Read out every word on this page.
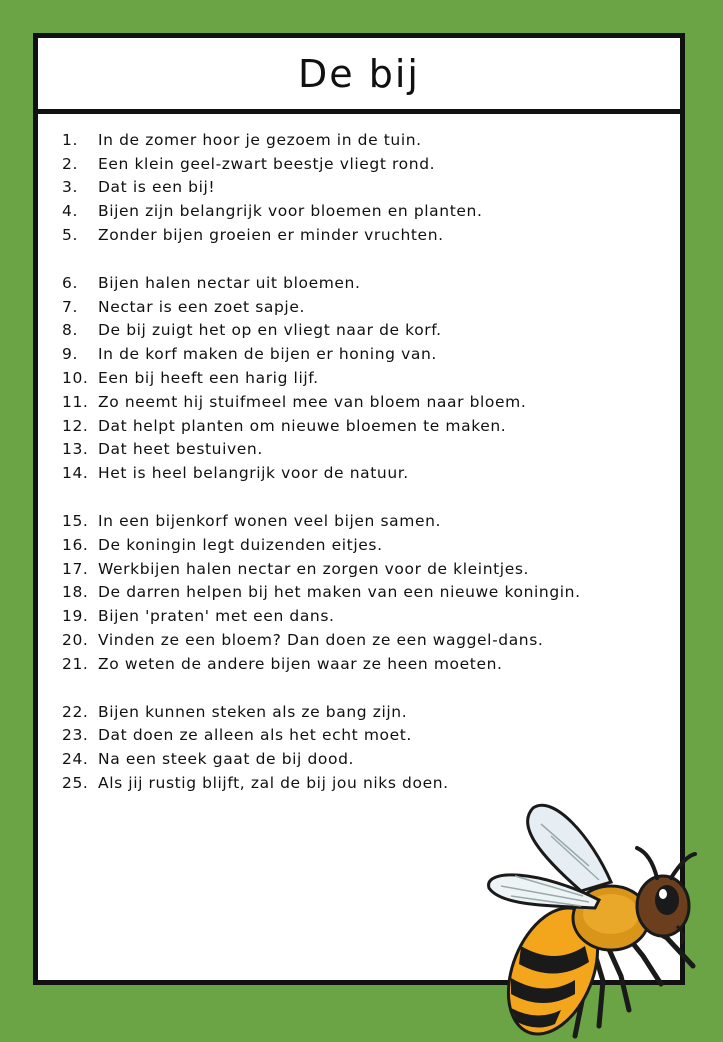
De bij
1.	In de zomer hoor je gezoem in de tuin.
2.	Een klein geel-zwart beestje vliegt rond.
3.	Dat is een bij!
4.	Bijen zijn belangrijk voor bloemen en planten.
5.	Zonder bijen groeien er minder vruchten.
6.	Bijen halen nectar uit bloemen.
7.	Nectar is een zoet sapje.
8.	De bij zuigt het op en vliegt naar de korf.
9.	In de korf maken de bijen er honing van.
10. Een bij heeft een harig lijf.
11. Zo neemt hij stuifmeel mee van bloem naar bloem.
12. Dat helpt planten om nieuwe bloemen te maken.
13. Dat heet bestuiven.
14. Het is heel belangrijk voor de natuur.
15. In een bijenkorf wonen veel bijen samen.
16. De koningin legt duizenden eitjes.
17. Werkbijen halen nectar en zorgen voor de kleintjes.
18. De darren helpen bij het maken van een nieuwe koningin.
19. Bijen 'praten' met een dans.
20. Vinden ze een bloem? Dan doen ze een waggel-dans.
21. Zo weten de andere bijen waar ze heen moeten.
22. Bijen kunnen steken als ze bang zijn.
23. Dat doen ze alleen als het echt moet.
24. Na een steek gaat de bij dood.
25. Als jij rustig blijft, zal de bij jou niks doen.
